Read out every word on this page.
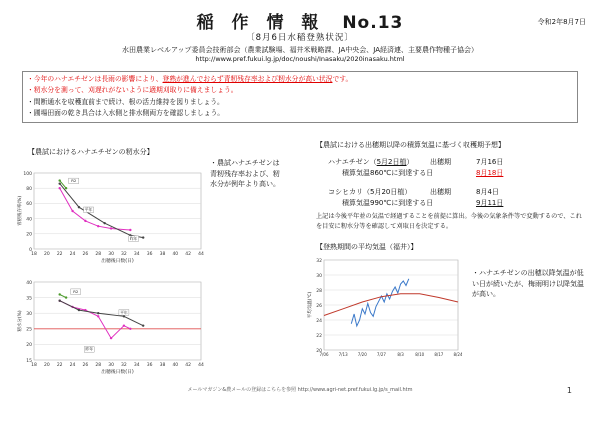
稲 作 情 報 No.13	令和2年8月7日
〔8月6日水稲登熟状況〕
水田農業レベルアップ委員会技術部会（農業試験場、福井米戦略課、JA中央会、JA経済連、主要農作物種子協会）
http://www.pref.fukui.lg.jp/doc/noushi/Inasaku/2020inasaku.html
・今年のハナエチゼンは長雨の影響により、登熟が進んでおらず青籾残存率および籾水分が高い状況です。
・籾水分を測って、刈遅れがないように適期刈取りに備えましょう。
・間断通水を収穫直前まで続け、根の活力維持を図りましょう。
・圃場田面の乾き具合は入水側と排水側両方を確認しましょう。
【農試におけるハナエチゼンの籾水分】
0
20
40
60
80
100
18 20 22 24 26 28 30 32 34 36 38 40 42 44
出穂後日数(日)
青籾残存率(%)
R2
平年
昨年
15
20
25
30
35
40
18 20 22 24 26 28 30 32 34 36 38 40 42 44
出穂後日数(日)
籾水分(%)
R2
平年
昨年
・農試ハナエチゼンは青籾残存率および、籾水分が例年より高い。
【農試における出穂期以降の積算気温に基づく収穫期予想】
ハナエチゼン（5月2日植） 出穂期	7月16日
積算気温860℃に到達する日	8月18日
コシヒカリ（5月20日植）	出穂期	8月4日
積算気温990℃に到達する日	9月11日
上記は今後平年並の気温で経過することを前提に算出。今後の気象条件等で変動するので、これを目安に籾水分等を確認して刈取日を決定する。
【登熟期間の平均気温（福井）】
20
22
24
26
28
30
32
7/06	7/13	7/20	7/27	8/3	8/10	8/17	8/24
平均気温(℃)
・ハナエチゼンの出穂以降気温が低い日が続いたが、梅雨明け以降気温が高い。
メールマガジン&農メールの登録はこちらを参照 http://www.agri-net.pref.fukui.lg.jp/s_mail.htm	1
